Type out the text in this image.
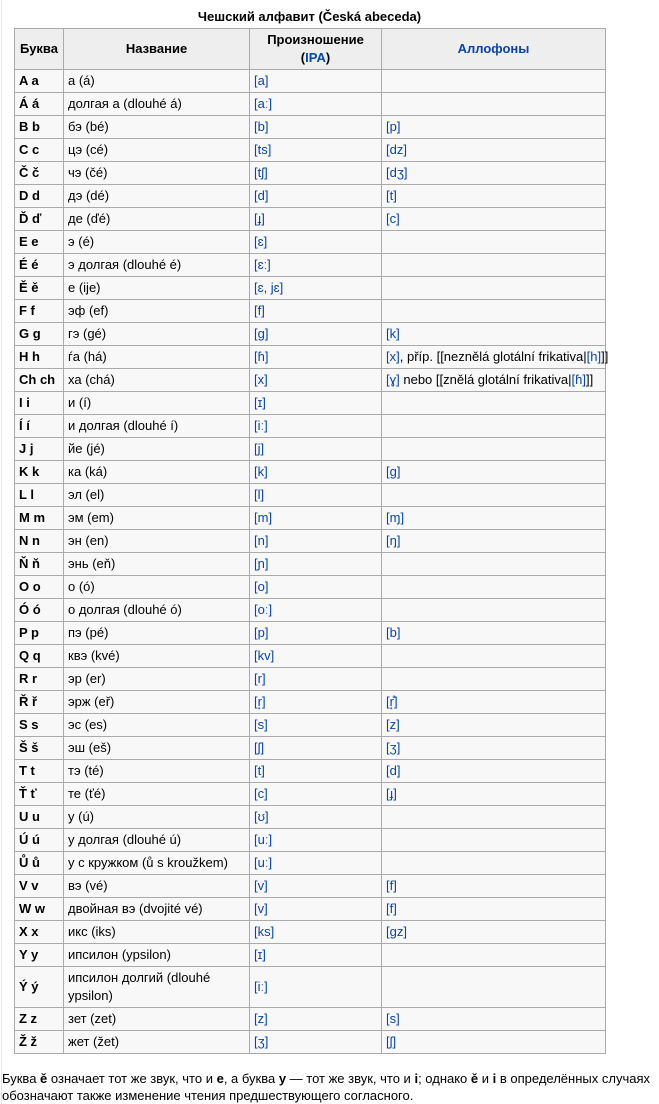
Чешский алфавит (Česká abeceda)
Буква	Название	Произношение (IPA)	Аллофоны
A a	а (á)	[a]	
Á á	долгая а (dlouhé á)	[aː]	
B b	бэ (bé)	[b]	[p]
C c	цэ (cé)	[ts]	[dz]
Č č	чэ (čé)	[tʃ]	[dʒ]
D d	дэ (dé)	[d]	[t]
Ď ď	де (ďé)	[ɟ]	[c]
E e	э (é)	[ɛ]	
É é	э долгая (dlouhé é)	[ɛː]	
Ě ě	е (ije)	[ɛ, jɛ]	
F f	эф (ef)	[f]	
G g	гэ (gé)	[g]	[k]
H h	ѓа (há)	[ɦ]	[x], příp. [[neznělá glotální frikativa|[h]]]
Ch ch	ха (chá)	[x]	[ɣ] nebo [[znělá glotální frikativa|[ɦ]]]
I i	и (í)	[ɪ]	
Í í	и долгая (dlouhé í)	[iː]	
J j	йе (jé)	[j]	
K k	ка (ká)	[k]	[g]
L l	эл (el)	[l]	
M m	эм (em)	[m]	[ɱ]
N n	эн (en)	[n]	[ŋ]
Ň ň	энь (eň)	[ɲ]	
O o	о (ó)	[o]	
Ó ó	о долгая (dlouhé ó)	[oː]	
P p	пэ (pé)	[p]	[b]
Q q	квэ (kvé)	[kv]	
R r	эр (er)	[r]	
Ř ř	эрж (eř)	[r̝]	[r̝̊]
S s	эс (es)	[s]	[z]
Š š	эш (eš)	[ʃ]	[ʒ]
T t	тэ (té)	[t]	[d]
Ť ť	те (ťé)	[c]	[ɟ]
U u	у (ú)	[ʊ]	
Ú ú	у долгая (dlouhé ú)	[uː]	
Ů ů	у с кружком (ů s kroužkem)	[uː]	
V v	вэ (vé)	[v]	[f]
W w	двойная вэ (dvojité vé)	[v]	[f]
X x	икс (iks)	[ks]	[gz]
Y y	ипсилон (ypsilon)	[ɪ]	
Ý ý	ипсилон долгий (dlouhé ypsilon)	[iː]	
Z z	зет (zet)	[z]	[s]
Ž ž	жет (žet)	[ʒ]	[ʃ]

Буква ě означает тот же звук, что и е, а буква y — тот же звук, что и i; однако ě и i в определённых случаях обозначают также изменение чтения предшествующего согласного.
